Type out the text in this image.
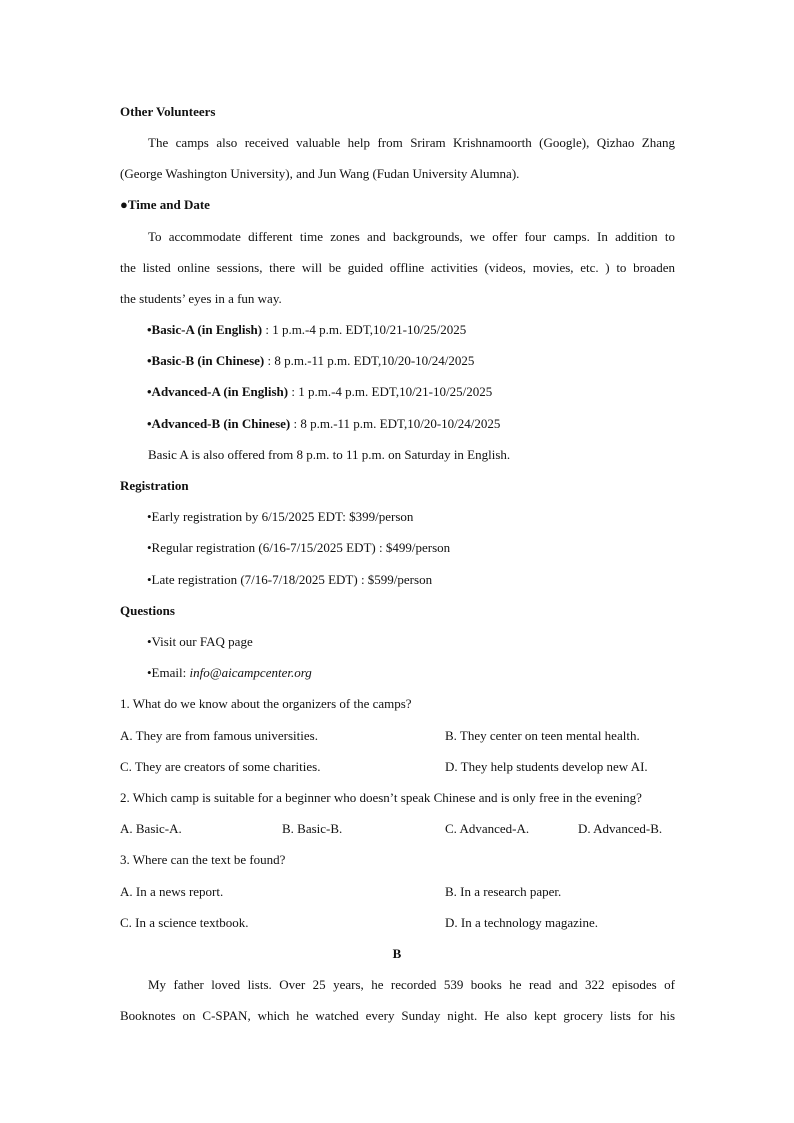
Other Volunteers
The camps also received valuable help from Sriram Krishnamoorth (Google), Qizhao Zhang
(George Washington University), and Jun Wang (Fudan University Alumna).
●Time and Date
To accommodate different time zones and backgrounds, we offer four camps. In addition to
the listed online sessions, there will be guided offline activities (videos, movies, etc. ) to broaden
the students’ eyes in a fun way.
•Basic-A (in English) : 1 p.m.-4 p.m. EDT,10/21-10/25/2025
•Basic-B (in Chinese) : 8 p.m.-11 p.m. EDT,10/20-10/24/2025
•Advanced-A (in English) : 1 p.m.-4 p.m. EDT,10/21-10/25/2025
•Advanced-B (in Chinese) : 8 p.m.-11 p.m. EDT,10/20-10/24/2025
Basic A is also offered from 8 p.m. to 11 p.m. on Saturday in English.
Registration
•Early registration by 6/15/2025 EDT: $399/person
•Regular registration (6/16-7/15/2025 EDT) : $499/person
•Late registration (7/16-7/18/2025 EDT) : $599/person
Questions
•Visit our FAQ page
•Email: info@aicampcenter.org
1. What do we know about the organizers of the camps?
A. They are from famous universities.	B. They center on teen mental health.
C. They are creators of some charities.	D. They help students develop new AI.
2. Which camp is suitable for a beginner who doesn’t speak Chinese and is only free in the evening?
A. Basic-A.	B. Basic-B.	C. Advanced-A.	D. Advanced-B.
3. Where can the text be found?
A. In a news report.	B. In a research paper.
C. In a science textbook.	D. In a technology magazine.
B
My father loved lists. Over 25 years, he recorded 539 books he read and 322 episodes of
Booknotes on C-SPAN, which he watched every Sunday night. He also kept grocery lists for his
